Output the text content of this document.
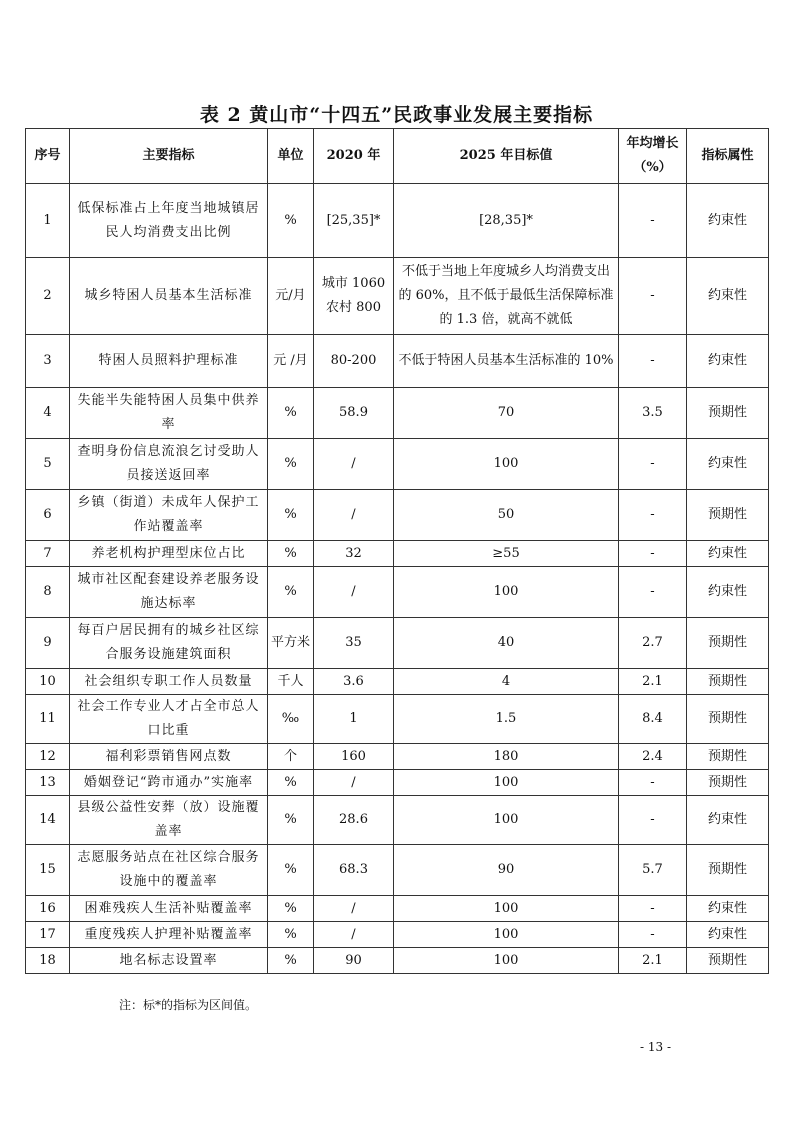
表 2 黄山市“十四五”民政事业发展主要指标
序号	主要指标	单位	2020 年	2025 年目标值	年均增长（%）	指标属性
1	低保标准占上年度当地城镇居民人均消费支出比例	%	[25,35]*	[28,35]*	-	约束性
2	城乡特困人员基本生活标准	元/月	城市 1060 农村 800	不低于当地上年度城乡人均消费支出的 60%，且不低于最低生活保障标准的 1.3 倍，就高不就低	-	约束性
3	特困人员照料护理标准	元 /月	80-200	不低于特困人员基本生活标准的 10%	-	约束性
4	失能半失能特困人员集中供养率	%	58.9	70	3.5	预期性
5	查明身份信息流浪乞讨受助人员接送返回率	%	/	100	-	约束性
6	乡镇（街道）未成年人保护工作站覆盖率	%	/	50	-	预期性
7	养老机构护理型床位占比	%	32	≥55	-	约束性
8	城市社区配套建设养老服务设施达标率	%	/	100	-	约束性
9	每百户居民拥有的城乡社区综合服务设施建筑面积	平方米	35	40	2.7	预期性
10	社会组织专职工作人员数量	千人	3.6	4	2.1	预期性
11	社会工作专业人才占全市总人口比重	‰	1	1.5	8.4	预期性
12	福利彩票销售网点数	个	160	180	2.4	预期性
13	婚姻登记“跨市通办”实施率	%	/	100	-	预期性
14	县级公益性安葬（放）设施覆盖率	%	28.6	100	-	约束性
15	志愿服务站点在社区综合服务设施中的覆盖率	%	68.3	90	5.7	预期性
16	困难残疾人生活补贴覆盖率	%	/	100	-	约束性
17	重度残疾人护理补贴覆盖率	%	/	100	-	约束性
18	地名标志设置率	%	90	100	2.1	预期性
注：标*的指标为区间值。
- 13 -
